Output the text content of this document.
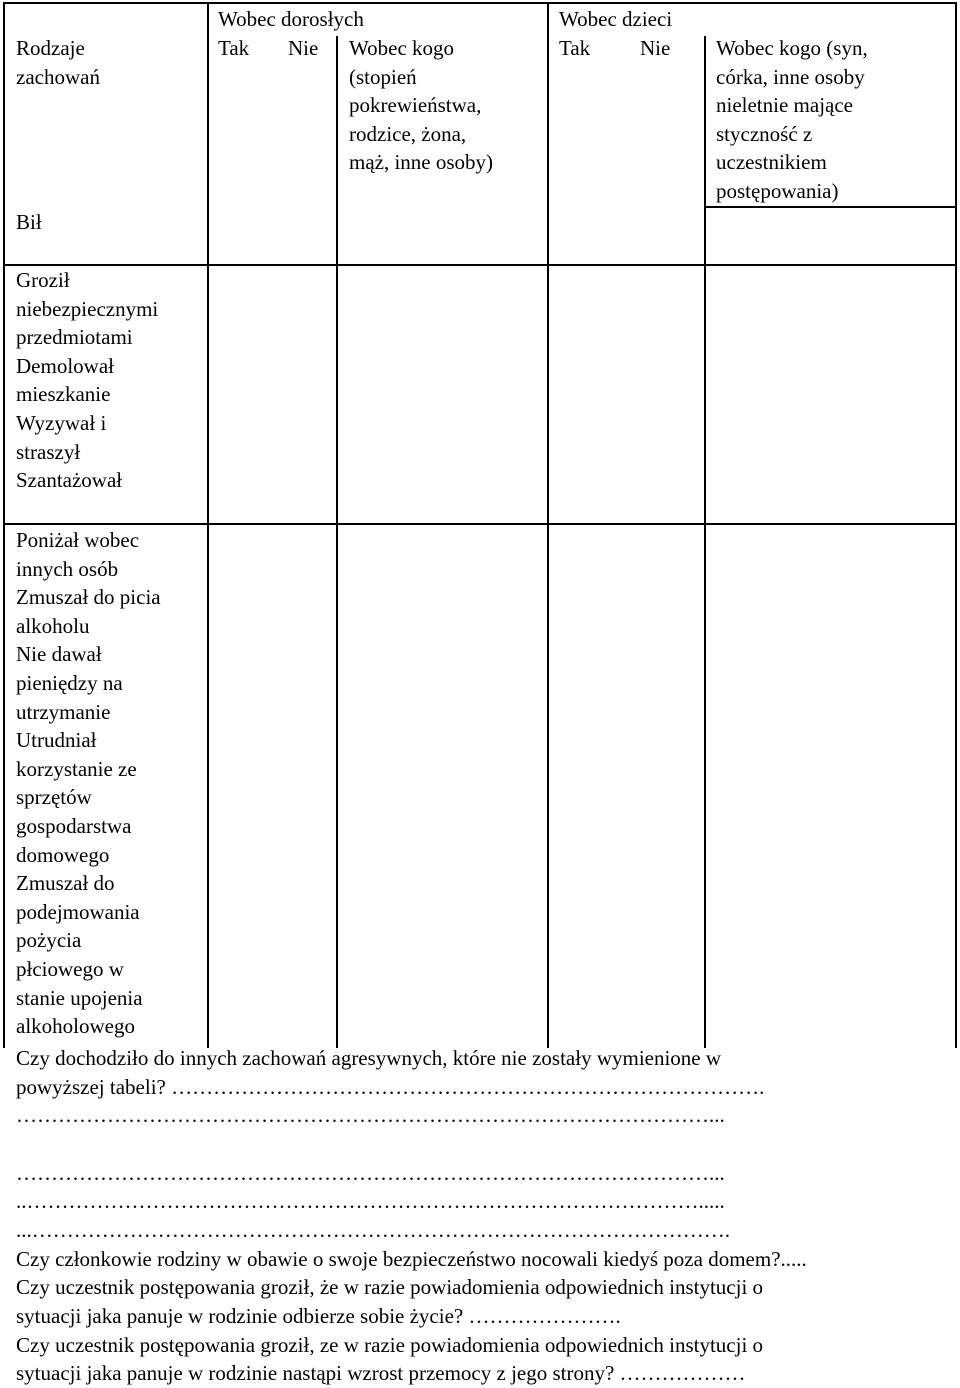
Rodzaje
zachowań
Wobec dorosłych	Wobec dzieci
Tak Nie Wobec kogo
(stopień
pokrewieństwa,
rodzice, żona,
mąż, inne osoby)
Tak Nie Wobec kogo (syn,
córka, inne osoby
nieletnie mające
styczność z
uczestnikiem
postępowania)
Bił
Groził
niebezpiecznymi
przedmiotami
Demolował
mieszkanie
Wyzywał i
straszył
Szantażował
Poniżał wobec
innych osób
Zmuszał do picia
alkoholu
Nie dawał
pieniędzy na
utrzymanie
Utrudniał
korzystanie ze
sprzętów
gospodarstwa
domowego
Zmuszał do
podejmowania
pożycia
płciowego w
stanie upojenia
alkoholowego
Czy dochodziło do innych zachowań agresywnych, które nie zostały wymienione w
powyższej tabeli? ………………………………………………………………………….
………………………………………………………………………………………...
………………………………………………………………………………………...
..…………………………………………………………………………………….....
...……………………………………………………………………………………….
Czy członkowie rodziny w obawie o swoje bezpieczeństwo nocowali kiedyś poza domem?.....
Czy uczestnik postępowania groził, że w razie powiadomienia odpowiednich instytucji o
sytuacji jaka panuje w rodzinie odbierze sobie życie? ………………….
Czy uczestnik postępowania groził, ze w razie powiadomienia odpowiednich instytucji o
sytuacji jaka panuje w rodzinie nastąpi wzrost przemocy z jego strony? ………………
